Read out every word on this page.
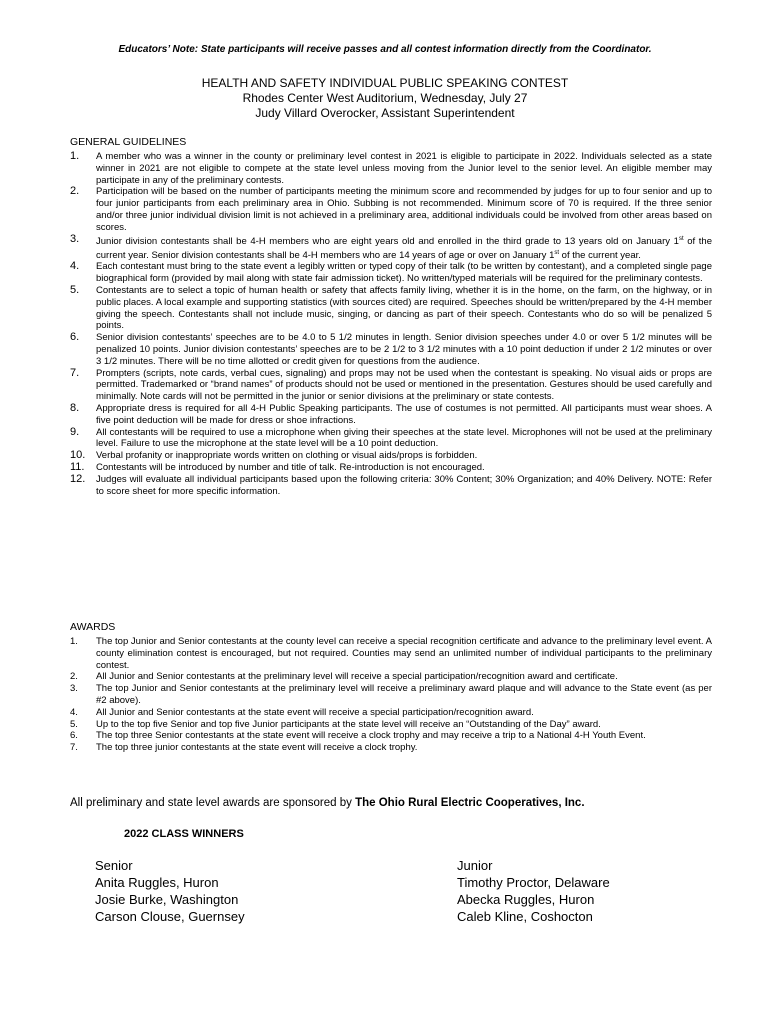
Educators’ Note: State participants will receive passes and all contest information directly from the Coordinator.
HEALTH AND SAFETY INDIVIDUAL PUBLIC SPEAKING CONTEST
Rhodes Center West Auditorium, Wednesday, July 27
Judy Villard Overocker, Assistant Superintendent
GENERAL GUIDELINES
1. A member who was a winner in the county or preliminary level contest in 2021 is eligible to participate in 2022. Individuals selected as a state winner in 2021 are not eligible to compete at the state level unless moving from the Junior level to the senior level. An eligible member may participate in any of the preliminary contests.
2. Participation will be based on the number of participants meeting the minimum score and recommended by judges for up to four senior and up to four junior participants from each preliminary area in Ohio. Subbing is not recommended. Minimum score of 70 is required. If the three senior and/or three junior individual division limit is not achieved in a preliminary area, additional individuals could be involved from other areas based on scores.
3. Junior division contestants shall be 4-H members who are eight years old and enrolled in the third grade to 13 years old on January 1st of the current year. Senior division contestants shall be 4-H members who are 14 years of age or over on January 1st of the current year.
4. Each contestant must bring to the state event a legibly written or typed copy of their talk (to be written by contestant), and a completed single page biographical form (provided by mail along with state fair admission ticket). No written/typed materials will be required for the preliminary contests.
5. Contestants are to select a topic of human health or safety that affects family living, whether it is in the home, on the farm, on the highway, or in public places. A local example and supporting statistics (with sources cited) are required. Speeches should be written/prepared by the 4-H member giving the speech. Contestants shall not include music, singing, or dancing as part of their speech. Contestants who do so will be penalized 5 points.
6. Senior division contestants’ speeches are to be 4.0 to 5 1/2 minutes in length. Senior division speeches under 4.0 or over 5 1/2 minutes will be penalized 10 points. Junior division contestants’ speeches are to be 2 1/2 to 3 1/2 minutes with a 10 point deduction if under 2 1/2 minutes or over 3 1/2 minutes. There will be no time allotted or credit given for questions from the audience.
7. Prompters (scripts, note cards, verbal cues, signaling) and props may not be used when the contestant is speaking. No visual aids or props are permitted. Trademarked or “brand names” of products should not be used or mentioned in the presentation. Gestures should be used carefully and minimally. Note cards will not be permitted in the junior or senior divisions at the preliminary or state contests.
8. Appropriate dress is required for all 4-H Public Speaking participants. The use of costumes is not permitted. All participants must wear shoes. A five point deduction will be made for dress or shoe infractions.
9. All contestants will be required to use a microphone when giving their speeches at the state level. Microphones will not be used at the preliminary level. Failure to use the microphone at the state level will be a 10 point deduction.
10. Verbal profanity or inappropriate words written on clothing or visual aids/props is forbidden.
11. Contestants will be introduced by number and title of talk. Re-introduction is not encouraged.
12. Judges will evaluate all individual participants based upon the following criteria: 30% Content; 30% Organization; and 40% Delivery. NOTE: Refer to score sheet for more specific information.
AWARDS
1. The top Junior and Senior contestants at the county level can receive a special recognition certificate and advance to the preliminary level event. A county elimination contest is encouraged, but not required. Counties may send an unlimited number of individual participants to the preliminary contest.
2. All Junior and Senior contestants at the preliminary level will receive a special participation/recognition award and certificate.
3. The top Junior and Senior contestants at the preliminary level will receive a preliminary award plaque and will advance to the State event (as per #2 above).
4. All Junior and Senior contestants at the state event will receive a special participation/recognition award.
5. Up to the top five Senior and top five Junior participants at the state level will receive an “Outstanding of the Day” award.
6. The top three Senior contestants at the state event will receive a clock trophy and may receive a trip to a National 4-H Youth Event.
7. The top three junior contestants at the state event will receive a clock trophy.
All preliminary and state level awards are sponsored by The Ohio Rural Electric Cooperatives, Inc.
2022 CLASS WINNERS
Senior
Anita Ruggles, Huron
Josie Burke, Washington
Carson Clouse, Guernsey
Junior
Timothy Proctor, Delaware
Abecka Ruggles, Huron
Caleb Kline, Coshocton
